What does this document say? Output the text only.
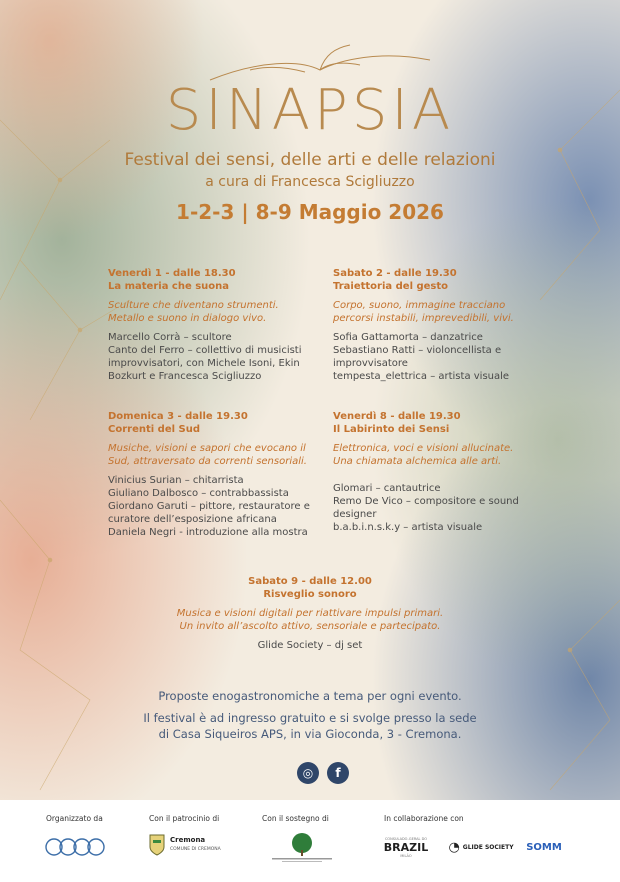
SINAPSIA
Festival dei sensi, delle arti e delle relazioni
a cura di Francesca Scigliuzzo
1-2-3 | 8-9 Maggio 2026
Venerdì 1 - dalle 18.30
La materia che suona
Sculture che diventano strumenti.
Metallo e suono in dialogo vivo.
Marcello Corrà – scultore
Canto del Ferro – collettivo di musicisti improvvisatori, con Michele Isoni, Ekin Bozkurt e Francesca Scigliuzzo
Sabato 2 - dalle 19.30
Traiettoria del gesto
Corpo, suono, immagine tracciano percorsi instabili, imprevedibili, vivi.
Sofia Gattamorta – danzatrice
Sebastiano Ratti – violoncellista e improvvisatore
tempesta_elettrica – artista visuale
Domenica 3 - dalle 19.30
Correnti del Sud
Musiche, visioni e sapori che evocano il Sud, attraversato da correnti sensoriali.
Vinicius Surian – chitarrista
Giuliano Dalbosco – contrabbassista
Giordano Garuti – pittore, restauratore e curatore dell’esposizione africana
Daniela Negri - introduzione alla mostra
Venerdì 8 - dalle 19.30
Il Labirinto dei Sensi
Elettronica, voci e visioni allucinate.
Una chiamata alchemica alle arti.
Glomari – cantautrice
Remo De Vico – compositore e sound designer
b.a.b.i.n.s.k.y – artista visuale
Sabato 9 - dalle 12.00
Risveglio sonoro
Musica e visioni digitali per riattivare impulsi primari.
Un invito all’ascolto attivo, sensoriale e partecipato.
Glide Society – dj set
Proposte enogastronomiche a tema per ogni evento.
Il festival è ad ingresso gratuito e si svolge presso la sede
di Casa Siqueiros APS, in via Gioconda, 3 - Cremona.
◎	f
Organizzato da	Con il patrocinio di	Con il sostegno di	In collaborazione con
Cremona
COMUNE DI CREMONA
CONSULADO-GERAL DO
BRAZIL
MILÃO
◔ GLIDE SOCIETY SOMM
